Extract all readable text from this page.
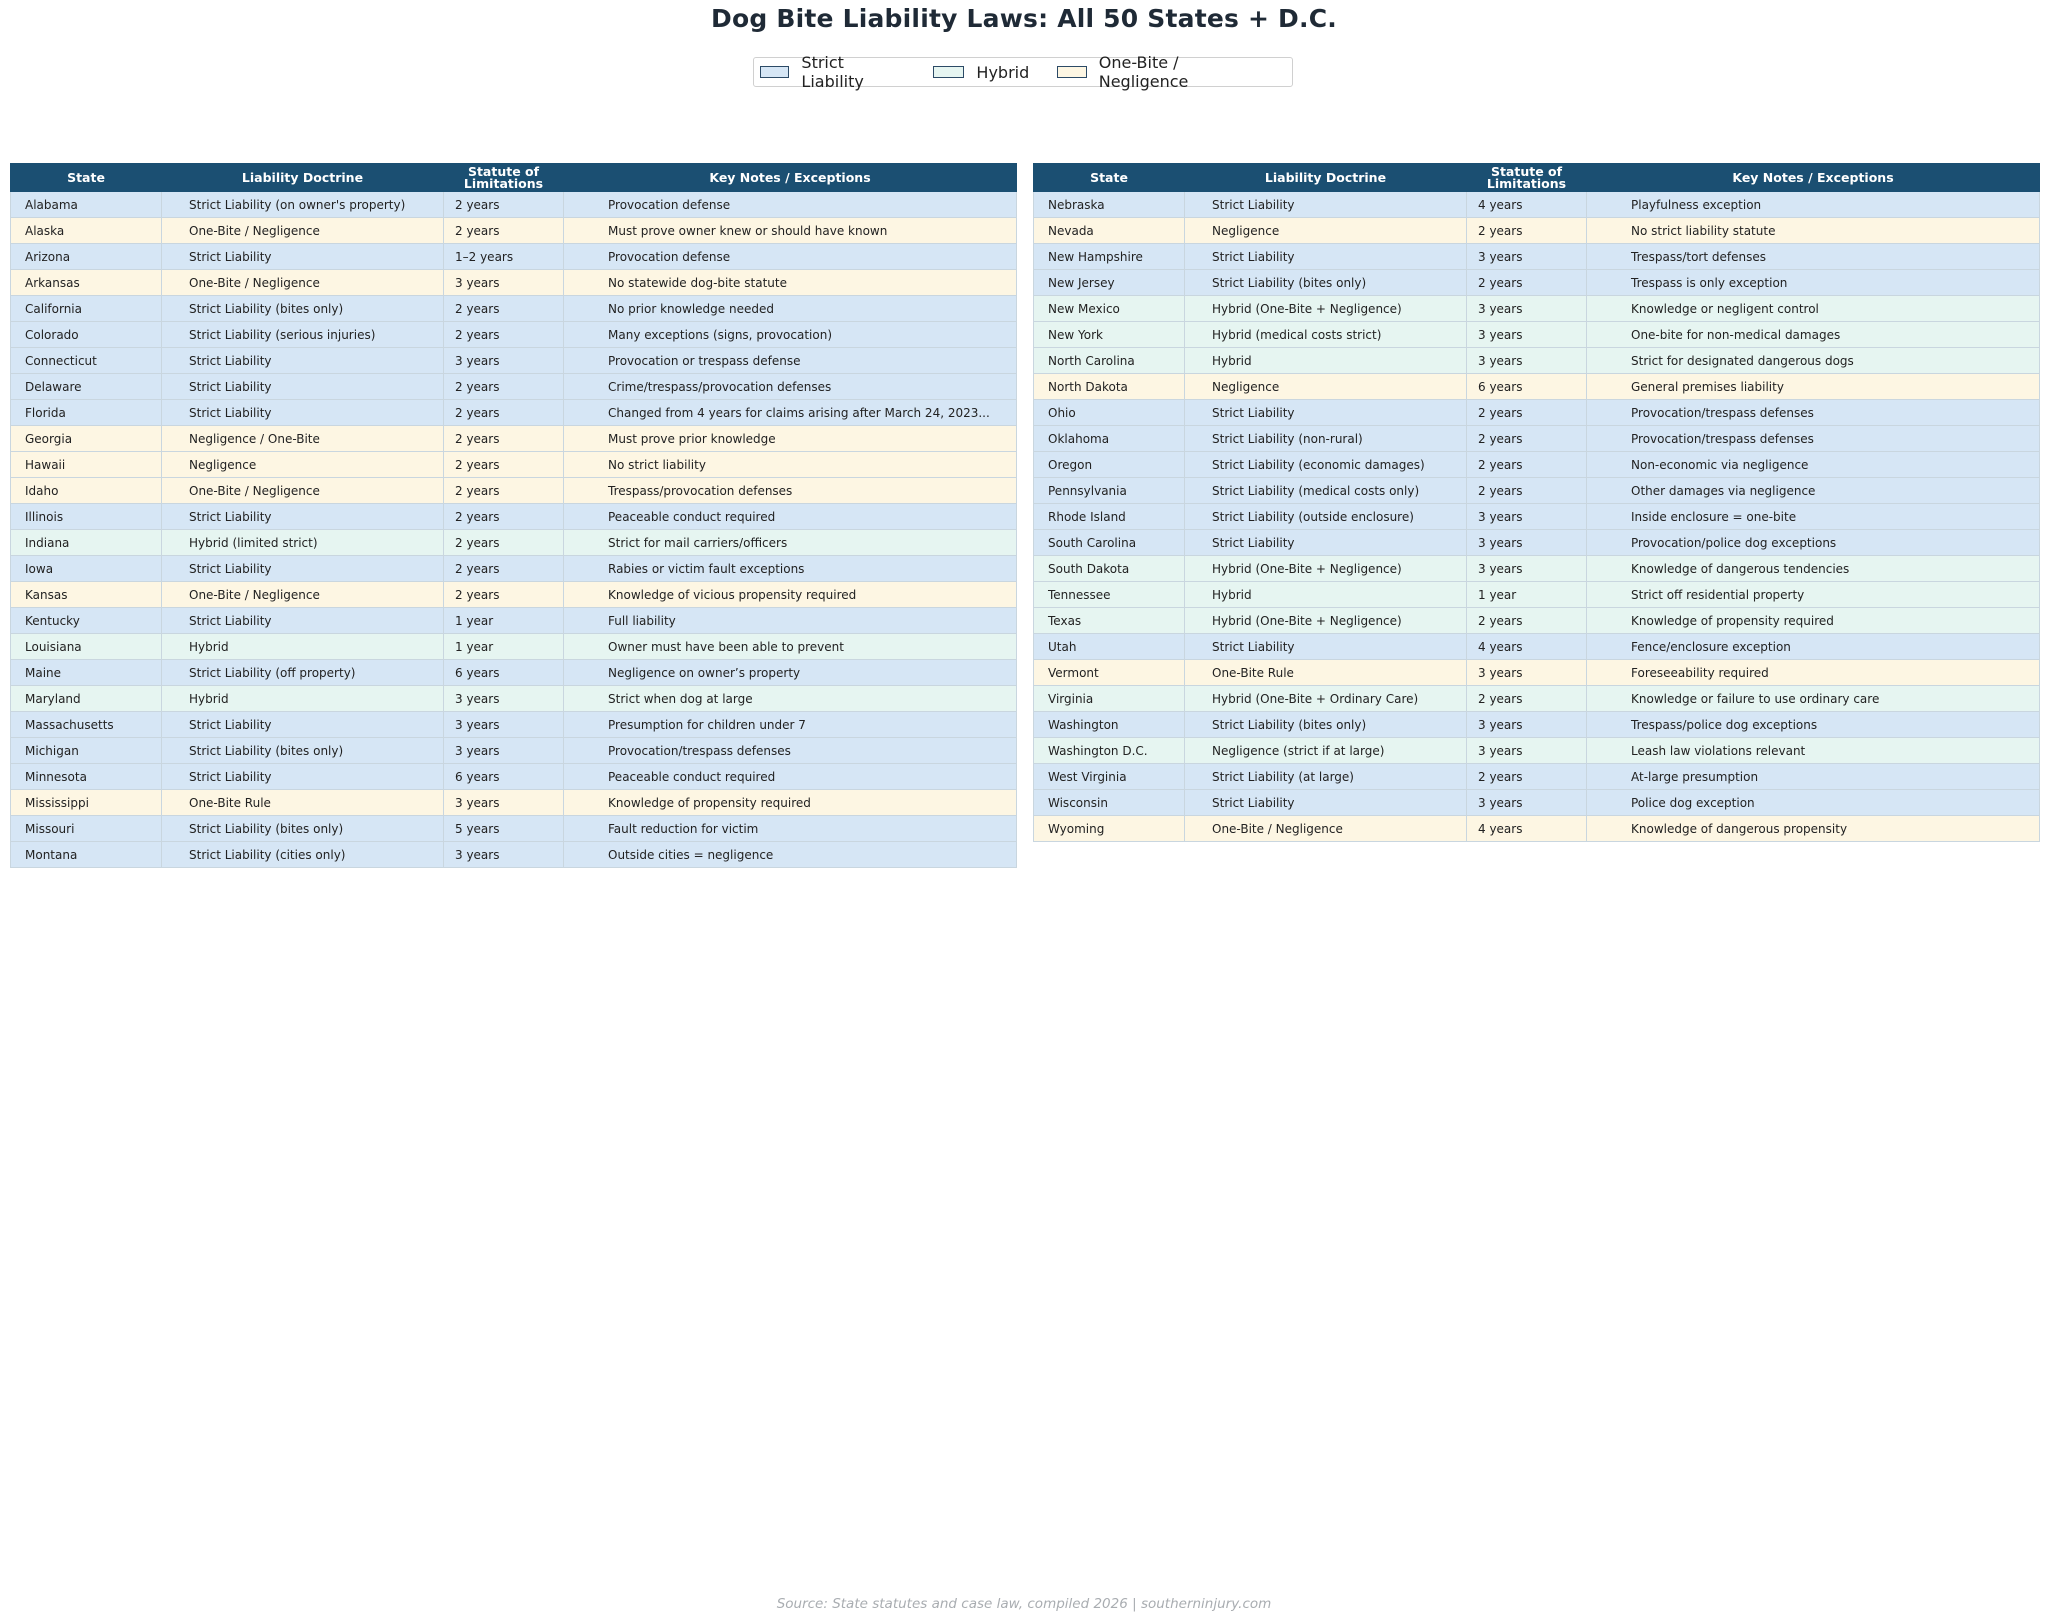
Dog Bite Liability Laws: All 50 States + D.C.
Strict Liability	Hybrid	One-Bite / Negligence
State	Liability Doctrine	Statute of Limitations	Key Notes / Exceptions
Alabama	Strict Liability (on owner's property)	2 years	Provocation defense
Alaska	One-Bite / Negligence	2 years	Must prove owner knew or should have known
Arizona	Strict Liability	1–2 years	Provocation defense
Arkansas	One-Bite / Negligence	3 years	No statewide dog-bite statute
California	Strict Liability (bites only)	2 years	No prior knowledge needed
Colorado	Strict Liability (serious injuries)	2 years	Many exceptions (signs, provocation)
Connecticut	Strict Liability	3 years	Provocation or trespass defense
Delaware	Strict Liability	2 years	Crime/trespass/provocation defenses
Florida	Strict Liability	2 years	Changed from 4 years for claims arising after March 24, 2023...
Georgia	Negligence / One-Bite	2 years	Must prove prior knowledge
Hawaii	Negligence	2 years	No strict liability
Idaho	One-Bite / Negligence	2 years	Trespass/provocation defenses
Illinois	Strict Liability	2 years	Peaceable conduct required
Indiana	Hybrid (limited strict)	2 years	Strict for mail carriers/officers
Iowa	Strict Liability	2 years	Rabies or victim fault exceptions
Kansas	One-Bite / Negligence	2 years	Knowledge of vicious propensity required
Kentucky	Strict Liability	1 year	Full liability
Louisiana	Hybrid	1 year	Owner must have been able to prevent
Maine	Strict Liability (off property)	6 years	Negligence on owner’s property
Maryland	Hybrid	3 years	Strict when dog at large
Massachusetts	Strict Liability	3 years	Presumption for children under 7
Michigan	Strict Liability (bites only)	3 years	Provocation/trespass defenses
Minnesota	Strict Liability	6 years	Peaceable conduct required
Mississippi	One-Bite Rule	3 years	Knowledge of propensity required
Missouri	Strict Liability (bites only)	5 years	Fault reduction for victim
Montana	Strict Liability (cities only)	3 years	Outside cities = negligence
State	Liability Doctrine	Statute of Limitations	Key Notes / Exceptions
Nebraska	Strict Liability	4 years	Playfulness exception
Nevada	Negligence	2 years	No strict liability statute
New Hampshire	Strict Liability	3 years	Trespass/tort defenses
New Jersey	Strict Liability (bites only)	2 years	Trespass is only exception
New Mexico	Hybrid (One-Bite + Negligence)	3 years	Knowledge or negligent control
New York	Hybrid (medical costs strict)	3 years	One-bite for non-medical damages
North Carolina	Hybrid	3 years	Strict for designated dangerous dogs
North Dakota	Negligence	6 years	General premises liability
Ohio	Strict Liability	2 years	Provocation/trespass defenses
Oklahoma	Strict Liability (non-rural)	2 years	Provocation/trespass defenses
Oregon	Strict Liability (economic damages)	2 years	Non-economic via negligence
Pennsylvania	Strict Liability (medical costs only)	2 years	Other damages via negligence
Rhode Island	Strict Liability (outside enclosure)	3 years	Inside enclosure = one-bite
South Carolina	Strict Liability	3 years	Provocation/police dog exceptions
South Dakota	Hybrid (One-Bite + Negligence)	3 years	Knowledge of dangerous tendencies
Tennessee	Hybrid	1 year	Strict off residential property
Texas	Hybrid (One-Bite + Negligence)	2 years	Knowledge of propensity required
Utah	Strict Liability	4 years	Fence/enclosure exception
Vermont	One-Bite Rule	3 years	Foreseeability required
Virginia	Hybrid (One-Bite + Ordinary Care)	2 years	Knowledge or failure to use ordinary care
Washington	Strict Liability (bites only)	3 years	Trespass/police dog exceptions
Washington D.C.	Negligence (strict if at large)	3 years	Leash law violations relevant
West Virginia	Strict Liability (at large)	2 years	At-large presumption
Wisconsin	Strict Liability	3 years	Police dog exception
Wyoming	One-Bite / Negligence	4 years	Knowledge of dangerous propensity
Source: State statutes and case law, compiled 2026 | southerninjury.com
